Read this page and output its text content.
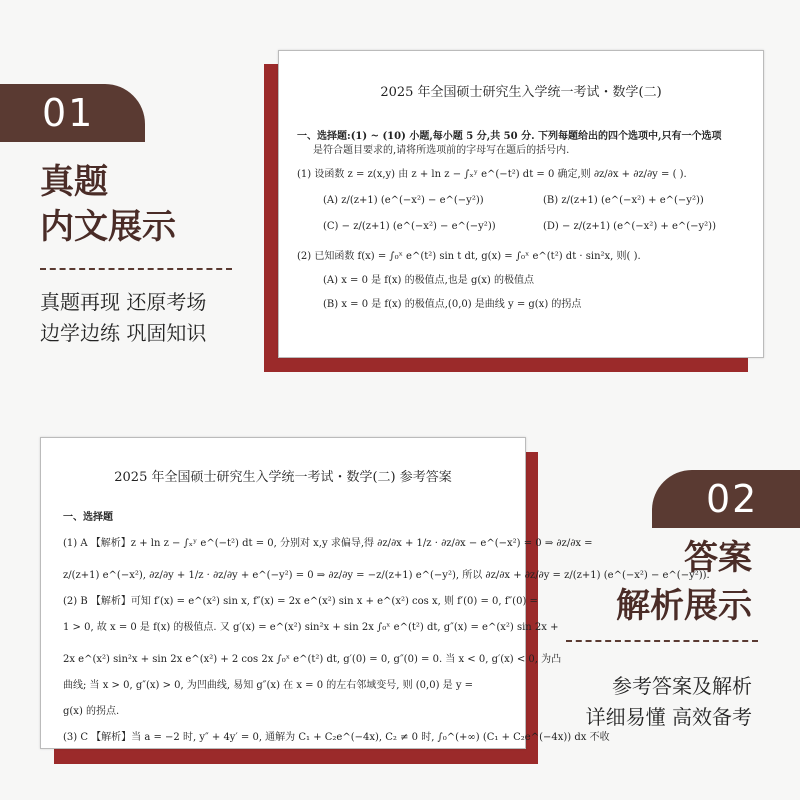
01
真题
内文展示
真题再现 还原考场
边学边练 巩固知识

2025 年全国硕士研究生入学统一考试・数学(二)

一、选择题:(1) ~ (10) 小题,每小题 5 分,共 50 分. 下列每题给出的四个选项中,只有一个选项

是符合题目要求的,请将所选项前的字母写在题后的括号内.

(1) 设函数 z = z(x,y) 由 z + ln z − ∫ₓʸ e^(−t²) dt = 0 确定,则 ∂z/∂x + ∂z/∂y = ( ).

(A) z/(z+1) (e^(−x²) − e^(−y²))	(B) z/(z+1) (e^(−x²) + e^(−y²))
(C) − z/(z+1) (e^(−x²) − e^(−y²))	(D) − z/(z+1) (e^(−x²) + e^(−y²))

(2) 已知函数 f(x) = ∫₀ˣ e^(t²) sin t dt, g(x) = ∫₀ˣ e^(t²) dt · sin²x, 则( ).

(A) x = 0 是 f(x) 的极值点,也是 g(x) 的极值点

(B) x = 0 是 f(x) 的极值点,(0,0) 是曲线 y = g(x) 的拐点

2025 年全国硕士研究生入学统一考试・数学(二) 参考答案

一、选择题

(1) A 【解析】z + ln z − ∫ₓʸ e^(−t²) dt = 0, 分别对 x,y 求偏导,得 ∂z/∂x + 1/z · ∂z/∂x − e^(−x²) = 0 ⇒ ∂z/∂x =

z/(z+1) e^(−x²), ∂z/∂y + 1/z · ∂z/∂y + e^(−y²) = 0 ⇒ ∂z/∂y = −z/(z+1) e^(−y²), 所以 ∂z/∂x + ∂z/∂y = z/(z+1) (e^(−x²) − e^(−y²)).

(2) B 【解析】可知 f′(x) = e^(x²) sin x, f″(x) = 2x e^(x²) sin x + e^(x²) cos x, 则 f′(0) = 0, f″(0) =

1 > 0, 故 x = 0 是 f(x) 的极值点. 又 g′(x) = e^(x²) sin²x + sin 2x ∫₀ˣ e^(t²) dt, g″(x) = e^(x²) sin 2x +

2x e^(x²) sin²x + sin 2x e^(x²) + 2 cos 2x ∫₀ˣ e^(t²) dt, g′(0) = 0, g″(0) = 0. 当 x < 0, g′(x) < 0, 为凸

曲线; 当 x > 0, g″(x) > 0, 为凹曲线, 易知 g″(x) 在 x = 0 的左右邻域变号, 则 (0,0) 是 y =

g(x) 的拐点.

(3) C 【解析】当 a = −2 时, y″ + 4y′ = 0, 通解为 C₁ + C₂e^(−4x), C₂ ≠ 0 时, ∫₀^(+∞) (C₁ + C₂e^(−4x)) dx 不收

02
答案
解析展示
参考答案及解析
详细易懂 高效备考
